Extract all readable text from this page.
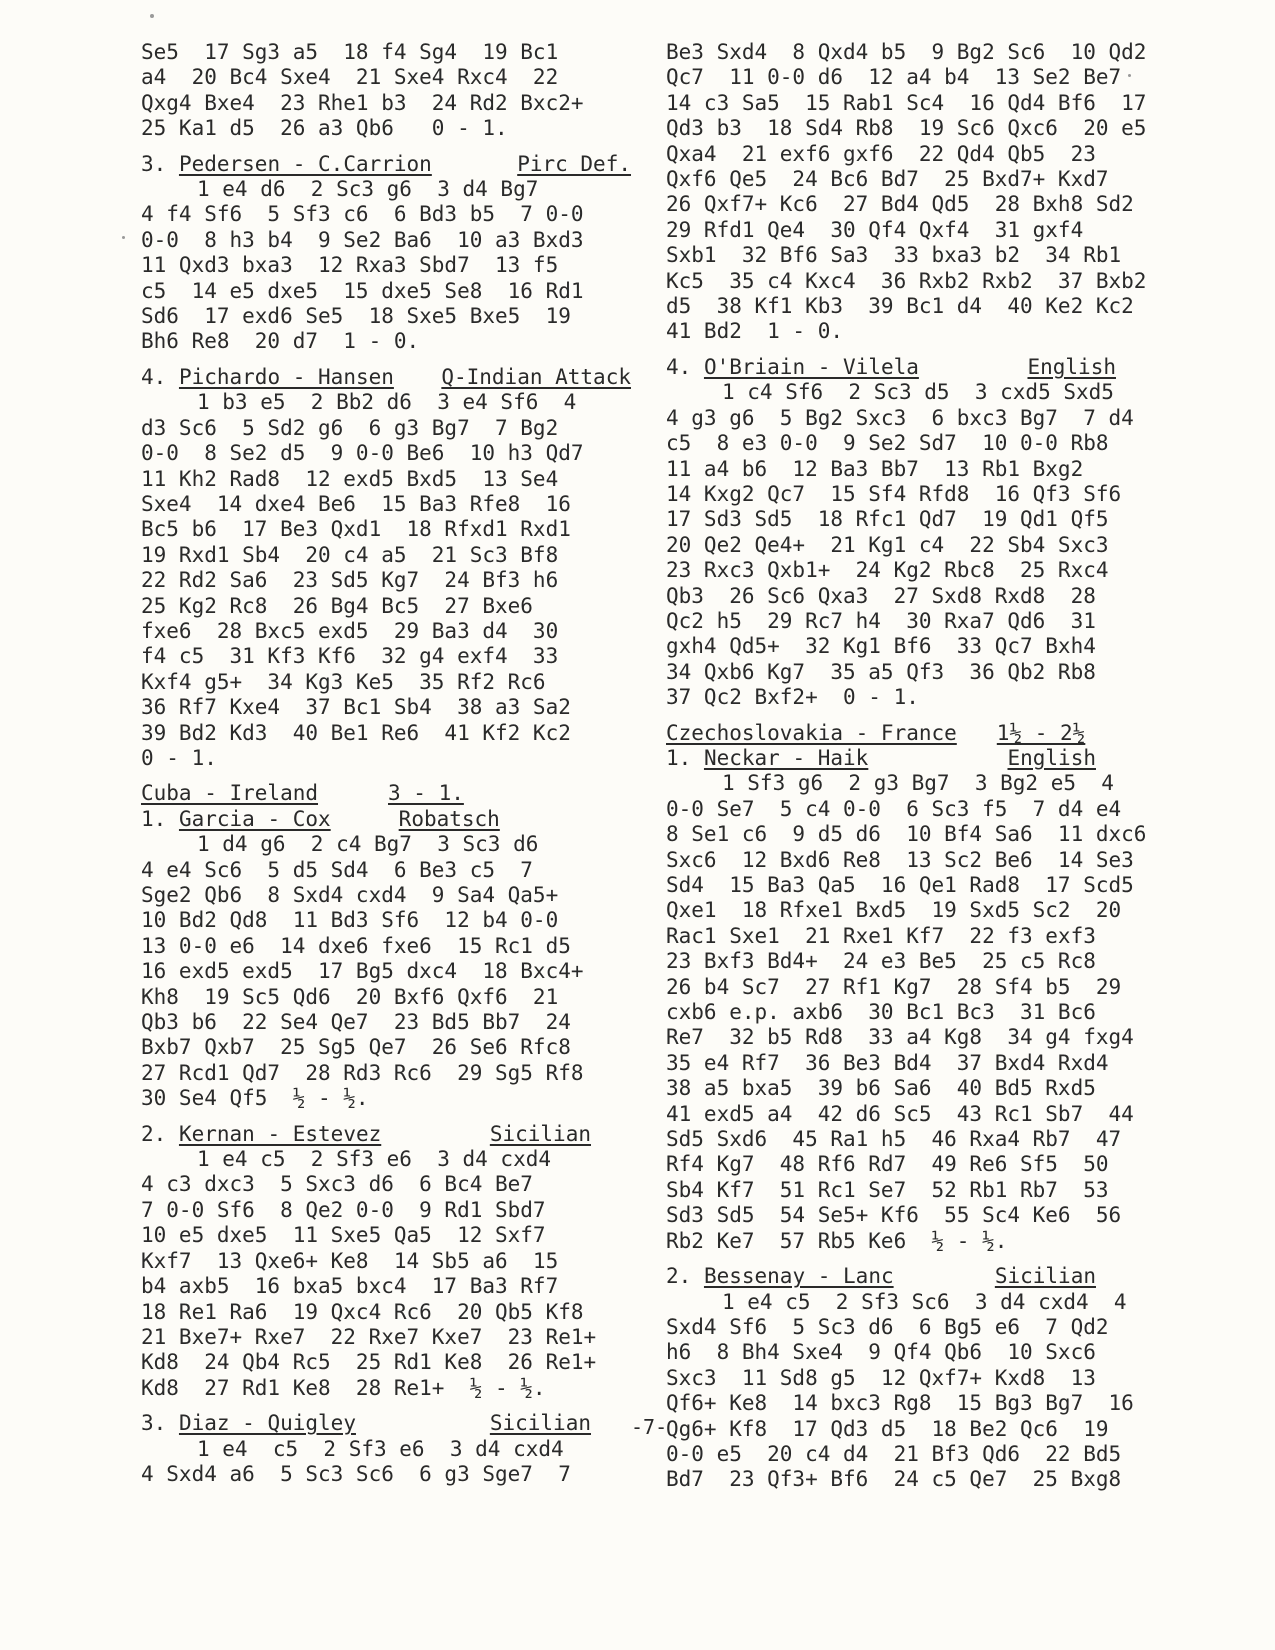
Se5  17 Sg3 a5  18 f4 Sg4  19 Bc1
a4  20 Bc4 Sxe4  21 Sxe4 Rxc4  22
Qxg4 Bxe4  23 Rhe1 b3  24 Rd2 Bxc2+
25 Ka1 d5  26 a3 Qb6   0 - 1.
3. Pedersen - C.Carrion	Pirc Def.
1 e4 d6  2 Sc3 g6  3 d4 Bg7
4 f4 Sf6  5 Sf3 c6  6 Bd3 b5  7 0-0
0-0  8 h3 b4  9 Se2 Ba6  10 a3 Bxd3
11 Qxd3 bxa3  12 Rxa3 Sbd7  13 f5
c5  14 e5 dxe5  15 dxe5 Se8  16 Rd1
Sd6  17 exd6 Se5  18 Sxe5 Bxe5  19
Bh6 Re8  20 d7  1 - 0.
4. Pichardo - Hansen Q-Indian Attack
1 b3 e5  2 Bb2 d6  3 e4 Sf6  4
d3 Sc6  5 Sd2 g6  6 g3 Bg7  7 Bg2
0-0  8 Se2 d5  9 0-0 Be6  10 h3 Qd7
11 Kh2 Rad8  12 exd5 Bxd5  13 Se4
Sxe4  14 dxe4 Be6  15 Ba3 Rfe8  16
Bc5 b6  17 Be3 Qxd1  18 Rfxd1 Rxd1
19 Rxd1 Sb4  20 c4 a5  21 Sc3 Bf8
22 Rd2 Sa6  23 Sd5 Kg7  24 Bf3 h6
25 Kg2 Rc8  26 Bg4 Bc5  27 Bxe6
fxe6  28 Bxc5 exd5  29 Ba3 d4  30
f4 c5  31 Kf3 Kf6  32 g4 exf4  33
Kxf4 g5+  34 Kg3 Ke5  35 Rf2 Rc6
36 Rf7 Kxe4  37 Bc1 Sb4  38 a3 Sa2
39 Bd2 Kd3  40 Be1 Re6  41 Kf2 Kc2
0 - 1.
Cuba - Ireland	3 - 1.
1. Garcia - Cox	Robatsch
1 d4 g6  2 c4 Bg7  3 Sc3 d6
4 e4 Sc6  5 d5 Sd4  6 Be3 c5  7
Sge2 Qb6  8 Sxd4 cxd4  9 Sa4 Qa5+
10 Bd2 Qd8  11 Bd3 Sf6  12 b4 0-0
13 0-0 e6  14 dxe6 fxe6  15 Rc1 d5
16 exd5 exd5  17 Bg5 dxc4  18 Bxc4+
Kh8  19 Sc5 Qd6  20 Bxf6 Qxf6  21
Qb3 b6  22 Se4 Qe7  23 Bd5 Bb7  24
Bxb7 Qxb7  25 Sg5 Qe7  26 Se6 Rfc8
27 Rcd1 Qd7  28 Rd3 Rc6  29 Sg5 Rf8
30 Se4 Qf5  ½ - ½.
2. Kernan - Estevez	Sicilian
1 e4 c5  2 Sf3 e6  3 d4 cxd4
4 c3 dxc3  5 Sxc3 d6  6 Bc4 Be7
7 0-0 Sf6  8 Qe2 0-0  9 Rd1 Sbd7
10 e5 dxe5  11 Sxe5 Qa5  12 Sxf7
Kxf7  13 Qxe6+ Ke8  14 Sb5 a6  15
b4 axb5  16 bxa5 bxc4  17 Ba3 Rf7
18 Re1 Ra6  19 Qxc4 Rc6  20 Qb5 Kf8
21 Bxe7+ Rxe7  22 Rxe7 Kxe7  23 Re1+
Kd8  24 Qb4 Rc5  25 Rd1 Ke8  26 Re1+
Kd8  27 Rd1 Ke8  28 Re1+  ½ - ½.
3. Diaz - Quigley	Sicilian
1 e4  c5  2 Sf3 e6  3 d4 cxd4
4 Sxd4 a6  5 Sc3 Sc6  6 g3 Sge7  7
Be3 Sxd4  8 Qxd4 b5  9 Bg2 Sc6  10 Qd2
Qc7  11 0-0 d6  12 a4 b4  13 Se2 Be7
14 c3 Sa5  15 Rab1 Sc4  16 Qd4 Bf6  17
Qd3 b3  18 Sd4 Rb8  19 Sc6 Qxc6  20 e5
Qxa4  21 exf6 gxf6  22 Qd4 Qb5  23
Qxf6 Qe5  24 Bc6 Bd7  25 Bxd7+ Kxd7
26 Qxf7+ Kc6  27 Bd4 Qd5  28 Bxh8 Sd2
29 Rfd1 Qe4  30 Qf4 Qxf4  31 gxf4
Sxb1  32 Bf6 Sa3  33 bxa3 b2  34 Rb1
Kc5  35 c4 Kxc4  36 Rxb2 Rxb2  37 Bxb2
d5  38 Kf1 Kb3  39 Bc1 d4  40 Ke2 Kc2
41 Bd2  1 - 0.
4. O'Briain - Vilela	English
1 c4 Sf6  2 Sc3 d5  3 cxd5 Sxd5
4 g3 g6  5 Bg2 Sxc3  6 bxc3 Bg7  7 d4
c5  8 e3 0-0  9 Se2 Sd7  10 0-0 Rb8
11 a4 b6  12 Ba3 Bb7  13 Rb1 Bxg2
14 Kxg2 Qc7  15 Sf4 Rfd8  16 Qf3 Sf6
17 Sd3 Sd5  18 Rfc1 Qd7  19 Qd1 Qf5
20 Qe2 Qe4+  21 Kg1 c4  22 Sb4 Sxc3
23 Rxc3 Qxb1+  24 Kg2 Rbc8  25 Rxc4
Qb3  26 Sc6 Qxa3  27 Sxd8 Rxd8  28
Qc2 h5  29 Rc7 h4  30 Rxa7 Qd6  31
gxh4 Qd5+  32 Kg1 Bf6  33 Qc7 Bxh4
34 Qxb6 Kg7  35 a5 Qf3  36 Qb2 Rb8
37 Qc2 Bxf2+  0 - 1.
Czechoslovakia - France 1½ - 2½
1. Neckar - Haik	English
1 Sf3 g6  2 g3 Bg7  3 Bg2 e5  4
0-0 Se7  5 c4 0-0  6 Sc3 f5  7 d4 e4
8 Se1 c6  9 d5 d6  10 Bf4 Sa6  11 dxc6
Sxc6  12 Bxd6 Re8  13 Sc2 Be6  14 Se3
Sd4  15 Ba3 Qa5  16 Qe1 Rad8  17 Scd5
Qxe1  18 Rfxe1 Bxd5  19 Sxd5 Sc2  20
Rac1 Sxe1  21 Rxe1 Kf7  22 f3 exf3
23 Bxf3 Bd4+  24 e3 Be5  25 c5 Rc8
26 b4 Sc7  27 Rf1 Kg7  28 Sf4 b5  29
cxb6 e.p. axb6  30 Bc1 Bc3  31 Bc6
Re7  32 b5 Rd8  33 a4 Kg8  34 g4 fxg4
35 e4 Rf7  36 Be3 Bd4  37 Bxd4 Rxd4
38 a5 bxa5  39 b6 Sa6  40 Bd5 Rxd5
41 exd5 a4  42 d6 Sc5  43 Rc1 Sb7  44
Sd5 Sxd6  45 Ra1 h5  46 Rxa4 Rb7  47
Rf4 Kg7  48 Rf6 Rd7  49 Re6 Sf5  50
Sb4 Kf7  51 Rc1 Se7  52 Rb1 Rb7  53
Sd3 Sd5  54 Se5+ Kf6  55 Sc4 Ke6  56
Rb2 Ke7  57 Rb5 Ke6  ½ - ½.
2. Bessenay - Lanc	Sicilian
1 e4 c5  2 Sf3 Sc6  3 d4 cxd4  4
Sxd4 Sf6  5 Sc3 d6  6 Bg5 e6  7 Qd2
h6  8 Bh4 Sxe4  9 Qf4 Qb6  10 Sxc6
Sxc3  11 Sd8 g5  12 Qxf7+ Kxd8  13
Qf6+ Ke8  14 bxc3 Rg8  15 Bg3 Bg7  16
Qg6+ Kf8  17 Qd3 d5  18 Be2 Qc6  19
0-0 e5  20 c4 d4  21 Bf3 Qd6  22 Bd5
Bd7  23 Qf3+ Bf6  24 c5 Qe7  25 Bxg8
-7-
